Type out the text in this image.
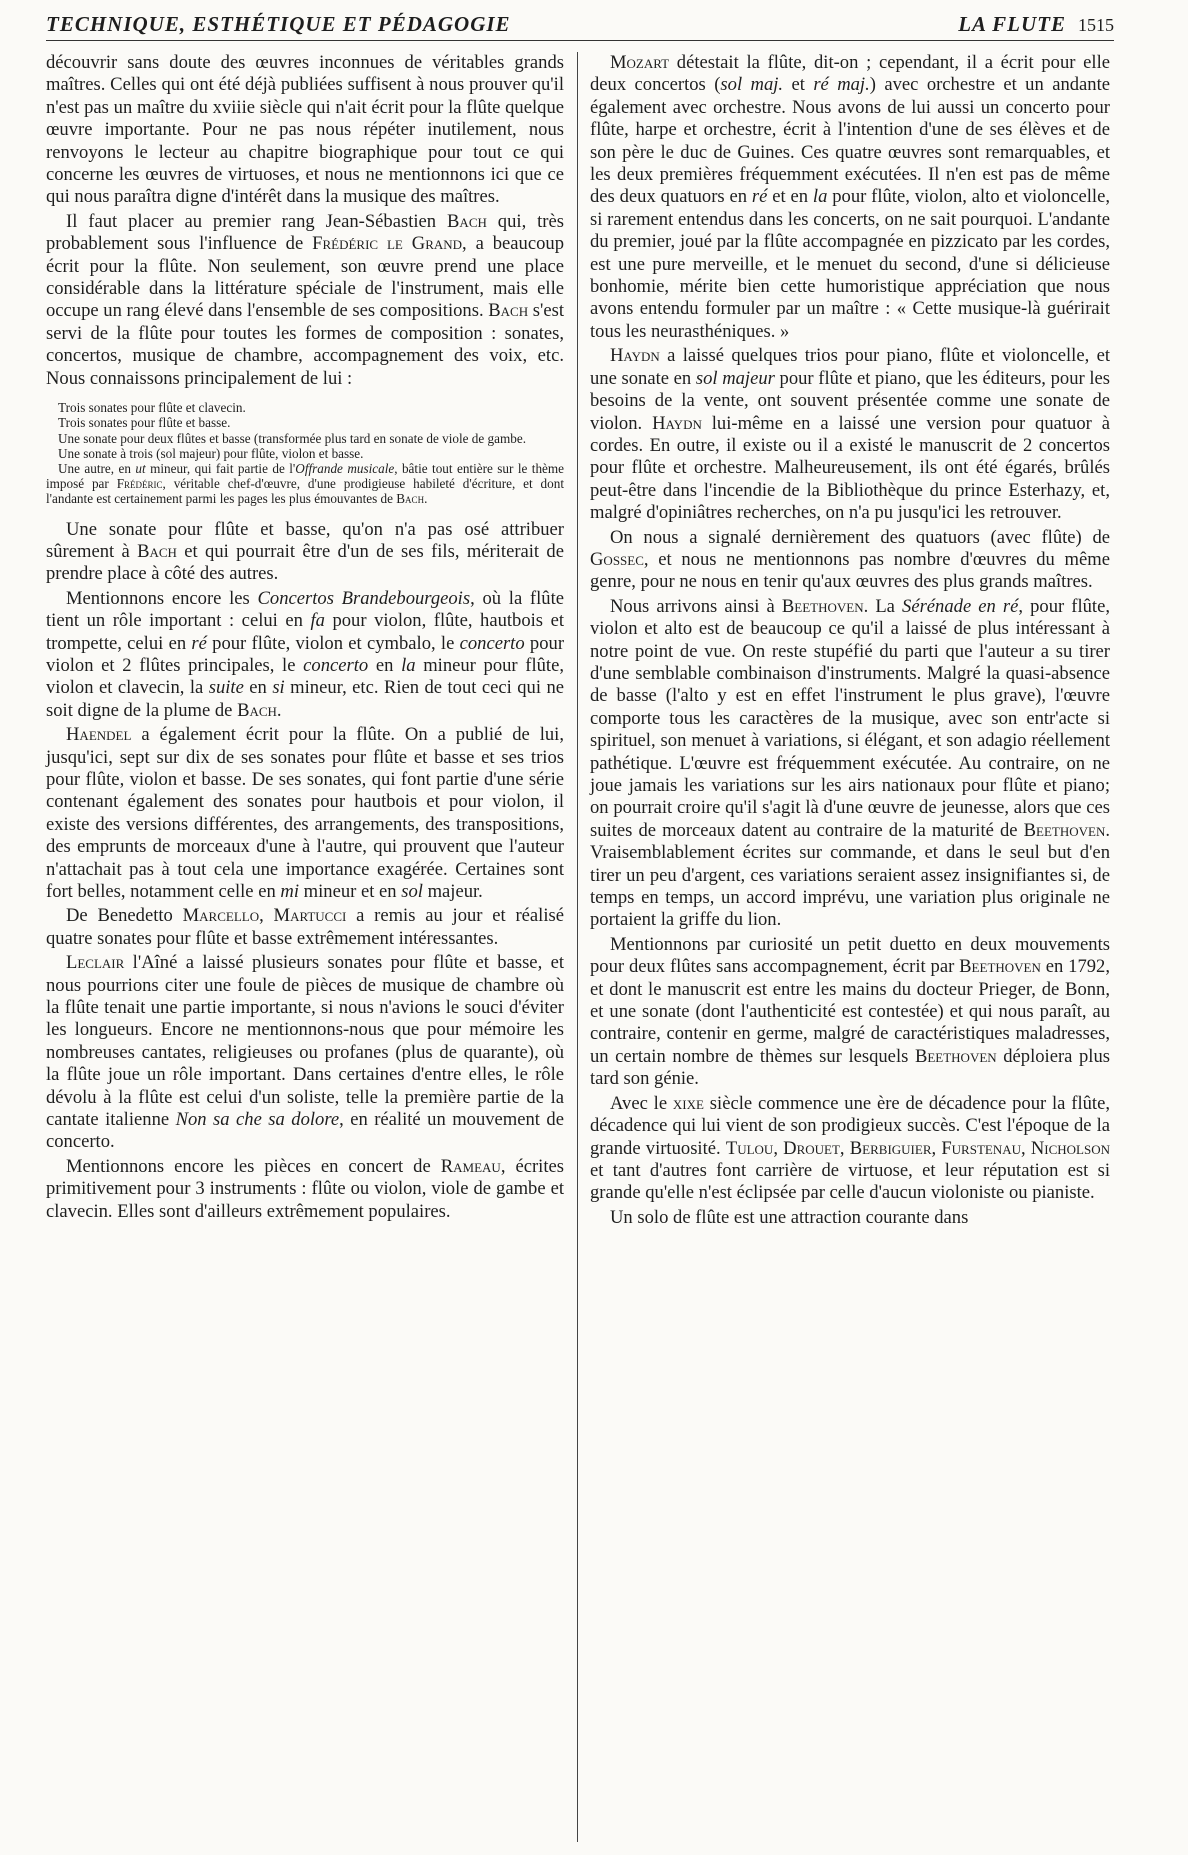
TECHNIQUE, ESTHÉTIQUE ET PÉDAGOGIE	LA FLUTE 1515

découvrir sans doute des œuvres inconnues de véritables grands maîtres. Celles qui ont été déjà publiées suffisent à nous prouver qu'il n'est pas un maître du xviiie siècle qui n'ait écrit pour la flûte quelque œuvre importante. Pour ne pas nous répéter inutilement, nous renvoyons le lecteur au chapitre biographique pour tout ce qui concerne les œuvres de virtuoses, et nous ne mentionnons ici que ce qui nous paraîtra digne d'intérêt dans la musique des maîtres.

Il faut placer au premier rang Jean-Sébastien Bach qui, très probablement sous l'influence de Frédéric le Grand, a beaucoup écrit pour la flûte. Non seulement, son œuvre prend une place considérable dans la littérature spéciale de l'instrument, mais elle occupe un rang élevé dans l'ensemble de ses compositions. Bach s'est servi de la flûte pour toutes les formes de composition : sonates, concertos, musique de chambre, accompagnement des voix, etc. Nous connaissons principalement de lui :

Trois sonates pour flûte et clavecin.

Trois sonates pour flûte et basse.

Une sonate pour deux flûtes et basse (transformée plus tard en sonate de viole de gambe.

Une sonate à trois (sol majeur) pour flûte, violon et basse.

Une autre, en ut mineur, qui fait partie de l'Offrande musicale, bâtie tout entière sur le thème imposé par Frédéric, véritable chef-d'œuvre, d'une prodigieuse habileté d'écriture, et dont l'andante est certainement parmi les pages les plus émouvantes de Bach.

Une sonate pour flûte et basse, qu'on n'a pas osé attribuer sûrement à Bach et qui pourrait être d'un de ses fils, mériterait de prendre place à côté des autres.

Mentionnons encore les Concertos Brandebourgeois, où la flûte tient un rôle important : celui en fa pour violon, flûte, hautbois et trompette, celui en ré pour flûte, violon et cymbalo, le concerto pour violon et 2 flûtes principales, le concerto en la mineur pour flûte, violon et clavecin, la suite en si mineur, etc. Rien de tout ceci qui ne soit digne de la plume de Bach.

Haendel a également écrit pour la flûte. On a publié de lui, jusqu'ici, sept sur dix de ses sonates pour flûte et basse et ses trios pour flûte, violon et basse. De ses sonates, qui font partie d'une série contenant également des sonates pour hautbois et pour violon, il existe des versions différentes, des arrangements, des transpositions, des emprunts de morceaux d'une à l'autre, qui prouvent que l'auteur n'attachait pas à tout cela une importance exagérée. Certaines sont fort belles, notamment celle en mi mineur et en sol majeur.

De Benedetto Marcello, Martucci a remis au jour et réalisé quatre sonates pour flûte et basse extrêmement intéressantes.

Leclair l'Aîné a laissé plusieurs sonates pour flûte et basse, et nous pourrions citer une foule de pièces de musique de chambre où la flûte tenait une partie importante, si nous n'avions le souci d'éviter les longueurs. Encore ne mentionnons-nous que pour mémoire les nombreuses cantates, religieuses ou profanes (plus de quarante), où la flûte joue un rôle important. Dans certaines d'entre elles, le rôle dévolu à la flûte est celui d'un soliste, telle la première partie de la cantate italienne Non sa che sa dolore, en réalité un mouvement de concerto.

Mentionnons encore les pièces en concert de Rameau, écrites primitivement pour 3 instruments : flûte ou violon, viole de gambe et clavecin. Elles sont d'ailleurs extrêmement populaires.

Mozart détestait la flûte, dit-on ; cependant, il a écrit pour elle deux concertos (sol maj. et ré maj.) avec orchestre et un andante également avec orchestre. Nous avons de lui aussi un concerto pour flûte, harpe et orchestre, écrit à l'intention d'une de ses élèves et de son père le duc de Guines. Ces quatre œuvres sont remarquables, et les deux premières fréquemment exécutées. Il n'en est pas de même des deux quatuors en ré et en la pour flûte, violon, alto et violoncelle, si rarement entendus dans les concerts, on ne sait pourquoi. L'andante du premier, joué par la flûte accompagnée en pizzicato par les cordes, est une pure merveille, et le menuet du second, d'une si délicieuse bonhomie, mérite bien cette humoristique appréciation que nous avons entendu formuler par un maître : « Cette musique-là guérirait tous les neurasthéniques. »

Haydn a laissé quelques trios pour piano, flûte et violoncelle, et une sonate en sol majeur pour flûte et piano, que les éditeurs, pour les besoins de la vente, ont souvent présentée comme une sonate de violon. Haydn lui-même en a laissé une version pour quatuor à cordes. En outre, il existe ou il a existé le manuscrit de 2 concertos pour flûte et orchestre. Malheureusement, ils ont été égarés, brûlés peut-être dans l'incendie de la Bibliothèque du prince Esterhazy, et, malgré d'opiniâtres recherches, on n'a pu jusqu'ici les retrouver.

On nous a signalé dernièrement des quatuors (avec flûte) de Gossec, et nous ne mentionnons pas nombre d'œuvres du même genre, pour ne nous en tenir qu'aux œuvres des plus grands maîtres.

Nous arrivons ainsi à Beethoven. La Sérénade en ré, pour flûte, violon et alto est de beaucoup ce qu'il a laissé de plus intéressant à notre point de vue. On reste stupéfié du parti que l'auteur a su tirer d'une semblable combinaison d'instruments. Malgré la quasi-absence de basse (l'alto y est en effet l'instrument le plus grave), l'œuvre comporte tous les caractères de la musique, avec son entr'acte si spirituel, son menuet à variations, si élégant, et son adagio réellement pathétique. L'œuvre est fréquemment exécutée. Au contraire, on ne joue jamais les variations sur les airs nationaux pour flûte et piano; on pourrait croire qu'il s'agit là d'une œuvre de jeunesse, alors que ces suites de morceaux datent au contraire de la maturité de Beethoven. Vraisemblablement écrites sur commande, et dans le seul but d'en tirer un peu d'argent, ces variations seraient assez insignifiantes si, de temps en temps, un accord imprévu, une variation plus originale ne portaient la griffe du lion.

Mentionnons par curiosité un petit duetto en deux mouvements pour deux flûtes sans accompagnement, écrit par Beethoven en 1792, et dont le manuscrit est entre les mains du docteur Prieger, de Bonn, et une sonate (dont l'authenticité est contestée) et qui nous paraît, au contraire, contenir en germe, malgré de caractéristiques maladresses, un certain nombre de thèmes sur lesquels Beethoven déploiera plus tard son génie.

Avec le xixe siècle commence une ère de décadence pour la flûte, décadence qui lui vient de son prodigieux succès. C'est l'époque de la grande virtuosité. Tulou, Drouet, Berbiguier, Furstenau, Nicholson et tant d'autres font carrière de virtuose, et leur réputation est si grande qu'elle n'est éclipsée par celle d'aucun violoniste ou pianiste.

Un solo de flûte est une attraction courante dans
